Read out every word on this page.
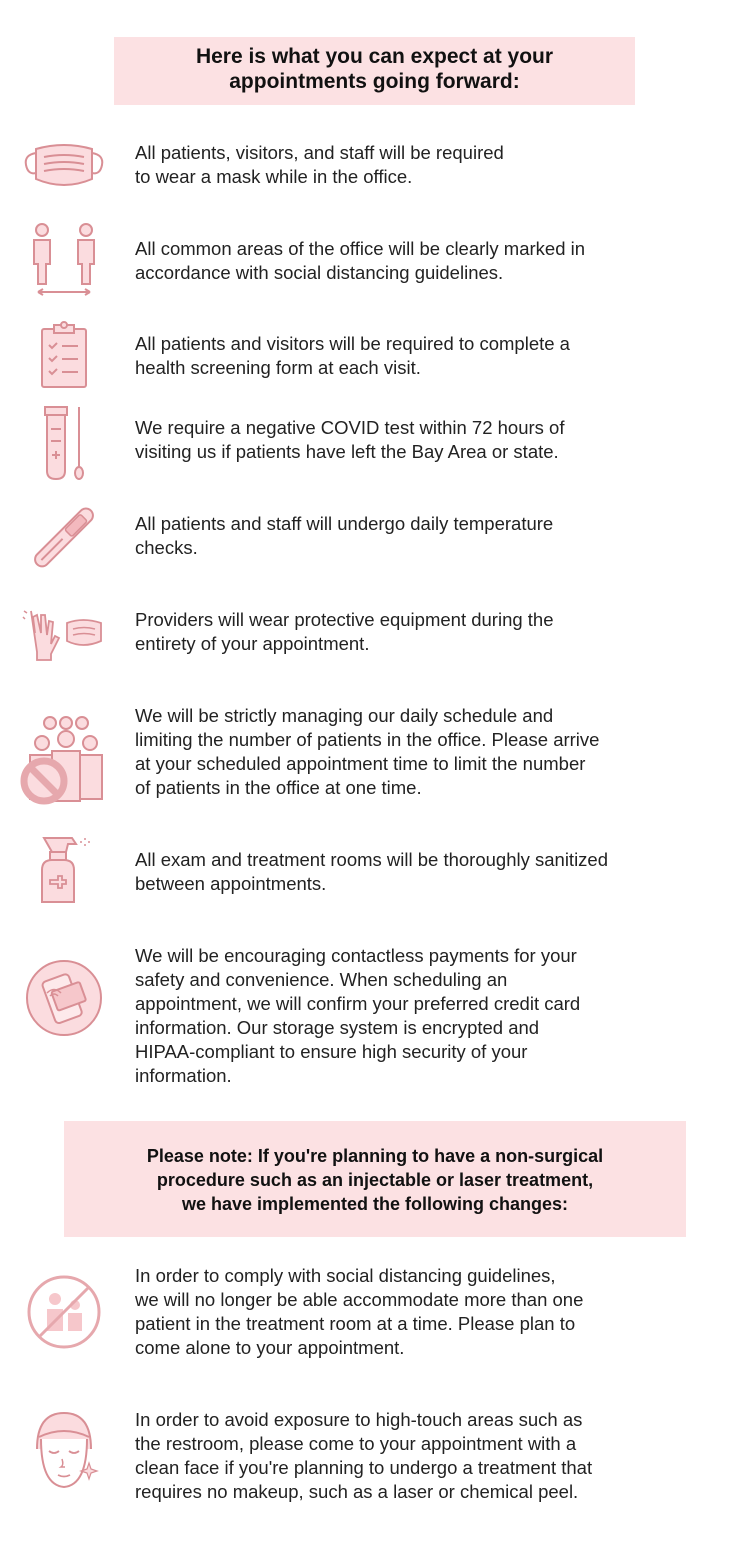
Here is what you can expect at your
appointments going forward:
All patients, visitors, and staff will be required
to wear a mask while in the office.
All common areas of the office will be clearly marked in
accordance with social distancing guidelines.
All patients and visitors will be required to complete a
health screening form at each visit.
We require a negative COVID test within 72 hours of
visiting us if patients have left the Bay Area or state.
All patients and staff will undergo daily temperature
checks.
Providers will wear protective equipment during the
entirety of your appointment.
We will be strictly managing our daily schedule and
limiting the number of patients in the office. Please arrive
at your scheduled appointment time to limit the number
of patients in the office at one time.
All exam and treatment rooms will be thoroughly sanitized
between appointments.
We will be encouraging contactless payments for your
safety and convenience. When scheduling an
appointment, we will confirm your preferred credit card
information. Our storage system is encrypted and
HIPAA-compliant to ensure high security of your
information.
Please note: If you're planning to have a non-surgical
procedure such as an injectable or laser treatment,
we have implemented the following changes:
In order to comply with social distancing guidelines,
we will no longer be able accommodate more than one
patient in the treatment room at a time. Please plan to
come alone to your appointment.
In order to avoid exposure to high-touch areas such as
the restroom, please come to your appointment with a
clean face if you're planning to undergo a treatment that
requires no makeup, such as a laser or chemical peel.
